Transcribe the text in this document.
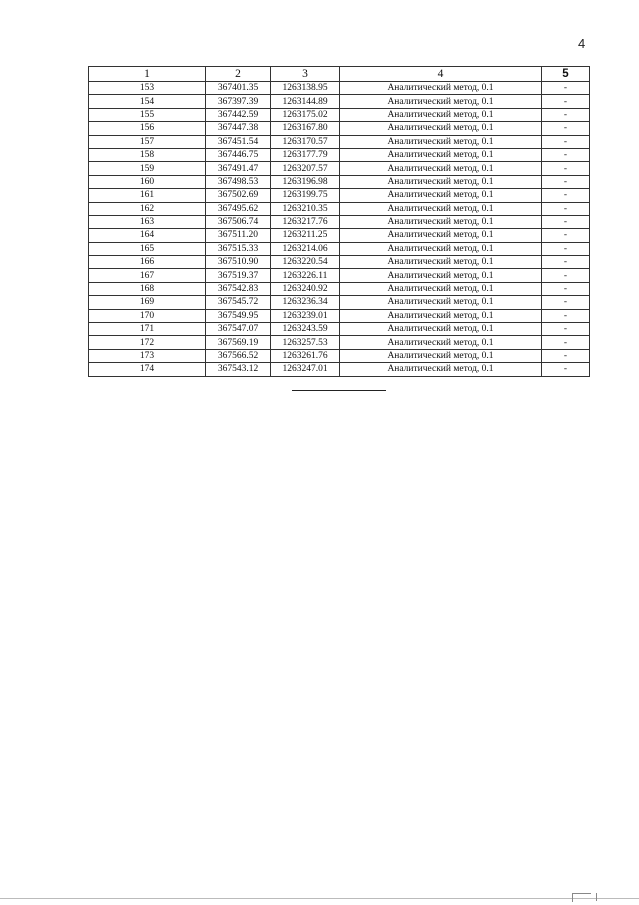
4
1	2	3	4	5
153	367401.35	1263138.95	Аналитический метод, 0.1	-
154	367397.39	1263144.89	Аналитический метод, 0.1	-
155	367442.59	1263175.02	Аналитический метод, 0.1	-
156	367447.38	1263167.80	Аналитический метод, 0.1	-
157	367451.54	1263170.57	Аналитический метод, 0.1	-
158	367446.75	1263177.79	Аналитический метод, 0.1	-
159	367491.47	1263207.57	Аналитический метод, 0.1	-
160	367498.53	1263196.98	Аналитический метод, 0.1	-
161	367502.69	1263199.75	Аналитический метод, 0.1	-
162	367495.62	1263210.35	Аналитический метод, 0.1	-
163	367506.74	1263217.76	Аналитический метод, 0.1	-
164	367511.20	1263211.25	Аналитический метод, 0.1	-
165	367515.33	1263214.06	Аналитический метод, 0.1	-
166	367510.90	1263220.54	Аналитический метод, 0.1	-
167	367519.37	1263226.11	Аналитический метод, 0.1	-
168	367542.83	1263240.92	Аналитический метод, 0.1	-
169	367545.72	1263236.34	Аналитический метод, 0.1	-
170	367549.95	1263239.01	Аналитический метод, 0.1	-
171	367547.07	1263243.59	Аналитический метод, 0.1	-
172	367569.19	1263257.53	Аналитический метод, 0.1	-
173	367566.52	1263261.76	Аналитический метод, 0.1	-
174	367543.12	1263247.01	Аналитический метод, 0.1	-
